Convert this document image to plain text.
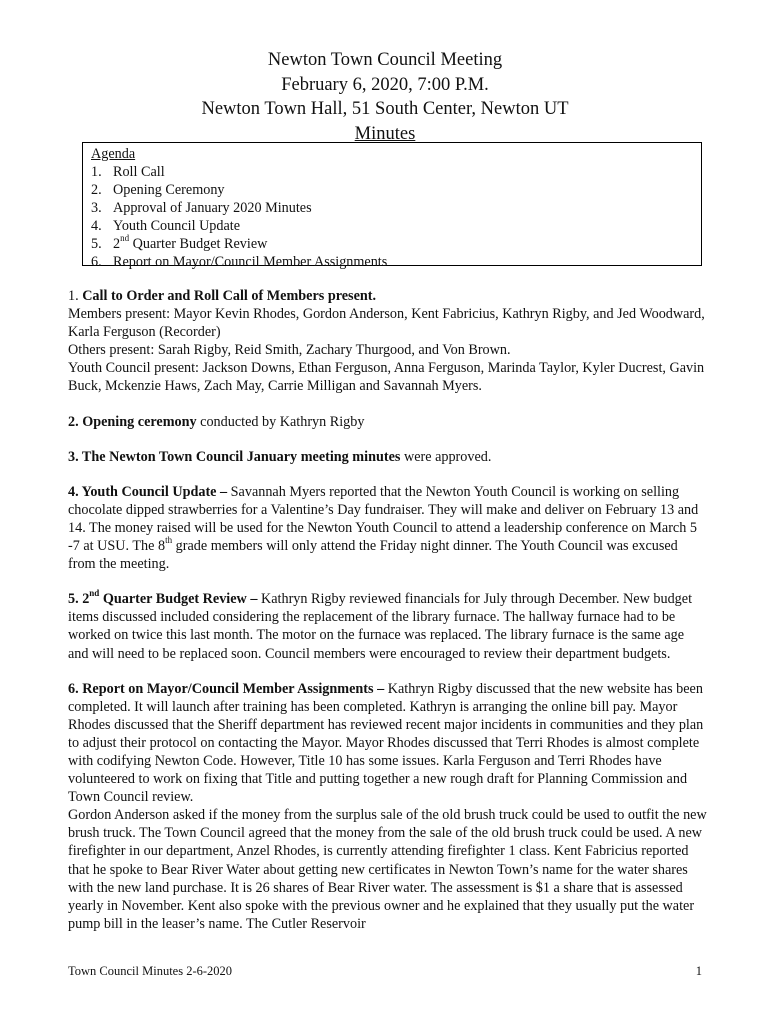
Newton Town Council Meeting
February 6, 2020, 7:00 P.M.
Newton Town Hall, 51 South Center, Newton UT
Minutes
Agenda
1. Roll Call
2. Opening Ceremony
3. Approval of January 2020 Minutes
4. Youth Council Update
5. 2nd Quarter Budget Review
6. Report on Mayor/Council Member Assignments
1. Call to Order and Roll Call of Members present.
Members present: Mayor Kevin Rhodes, Gordon Anderson, Kent Fabricius, Kathryn Rigby, and Jed Woodward, Karla Ferguson (Recorder)
Others present: Sarah Rigby, Reid Smith, Zachary Thurgood, and Von Brown.
Youth Council present: Jackson Downs, Ethan Ferguson, Anna Ferguson, Marinda Taylor, Kyler Ducrest, Gavin Buck, Mckenzie Haws, Zach May, Carrie Milligan and Savannah Myers.
2. Opening ceremony conducted by Kathryn Rigby
3. The Newton Town Council January meeting minutes were approved.
4. Youth Council Update – Savannah Myers reported that the Newton Youth Council is working on selling chocolate dipped strawberries for a Valentine’s Day fundraiser. They will make and deliver on February 13 and 14. The money raised will be used for the Newton Youth Council to attend a leadership conference on March 5 -7 at USU. The 8th grade members will only attend the Friday night dinner. The Youth Council was excused from the meeting.
5. 2nd Quarter Budget Review – Kathryn Rigby reviewed financials for July through December. New budget items discussed included considering the replacement of the library furnace. The hallway furnace had to be worked on twice this last month. The motor on the furnace was replaced. The library furnace is the same age and will need to be replaced soon. Council members were encouraged to review their department budgets.
6. Report on Mayor/Council Member Assignments – Kathryn Rigby discussed that the new website has been completed. It will launch after training has been completed. Kathryn is arranging the online bill pay. Mayor Rhodes discussed that the Sheriff department has reviewed recent major incidents in communities and they plan to adjust their protocol on contacting the Mayor. Mayor Rhodes discussed that Terri Rhodes is almost complete with codifying Newton Code. However, Title 10 has some issues. Karla Ferguson and Terri Rhodes have volunteered to work on fixing that Title and putting together a new rough draft for Planning Commission and Town Council review.
Gordon Anderson asked if the money from the surplus sale of the old brush truck could be used to outfit the new brush truck. The Town Council agreed that the money from the sale of the old brush truck could be used. A new firefighter in our department, Anzel Rhodes, is currently attending firefighter 1 class. Kent Fabricius reported that he spoke to Bear River Water about getting new certificates in Newton Town’s name for the water shares with the new land purchase. It is 26 shares of Bear River water. The assessment is $1 a share that is assessed yearly in November. Kent also spoke with the previous owner and he explained that they usually put the water pump bill in the leaser’s name. The Cutler Reservoir
Town Council Minutes 2-6-2020	1
